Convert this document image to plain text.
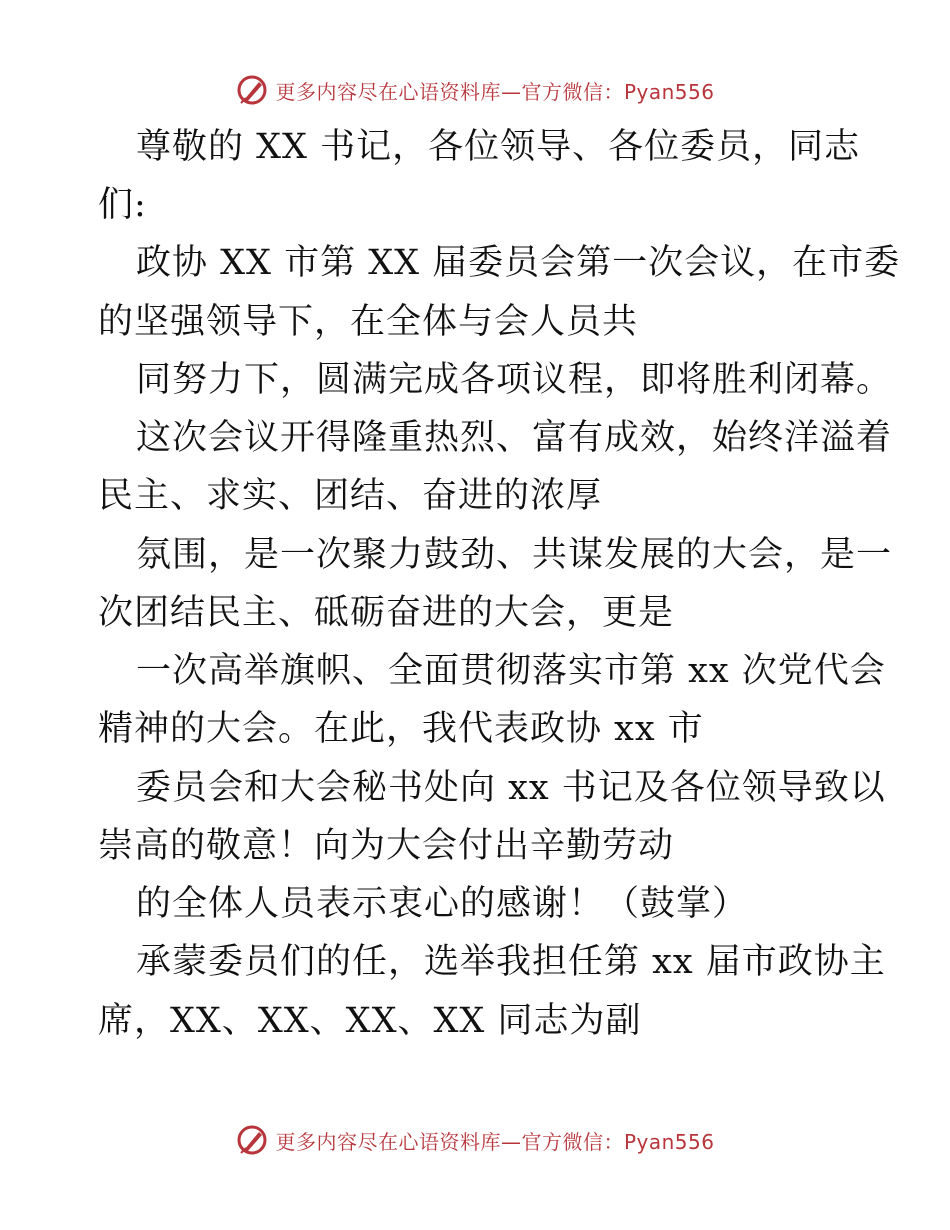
更多内容尽在心语资料库—官方微信：Pyan556
尊敬的 XX 书记，各位领导、各位委员，同志
们:
政协 XX 市第 XX 届委员会第一次会议，在市委
的坚强领导下，在全体与会人员共
同努力下，圆满完成各项议程，即将胜利闭幕。
这次会议开得隆重热烈、富有成效，始终洋溢着
民主、求实、团结、奋进的浓厚
氛围，是一次聚力鼓劲、共谋发展的大会，是一
次团结民主、砥砺奋进的大会，更是
一次高举旗帜、全面贯彻落实市第 xx 次党代会
精神的大会。在此，我代表政协 xx 市
委员会和大会秘书处向 xx 书记及各位领导致以
崇高的敬意！向为大会付出辛勤劳动
的全体人员表示衷心的感谢！（鼓掌）
承蒙委员们的任，选举我担任第 xx 届市政协主
席，XX、XX、XX、XX 同志为副
更多内容尽在心语资料库—官方微信：Pyan556
